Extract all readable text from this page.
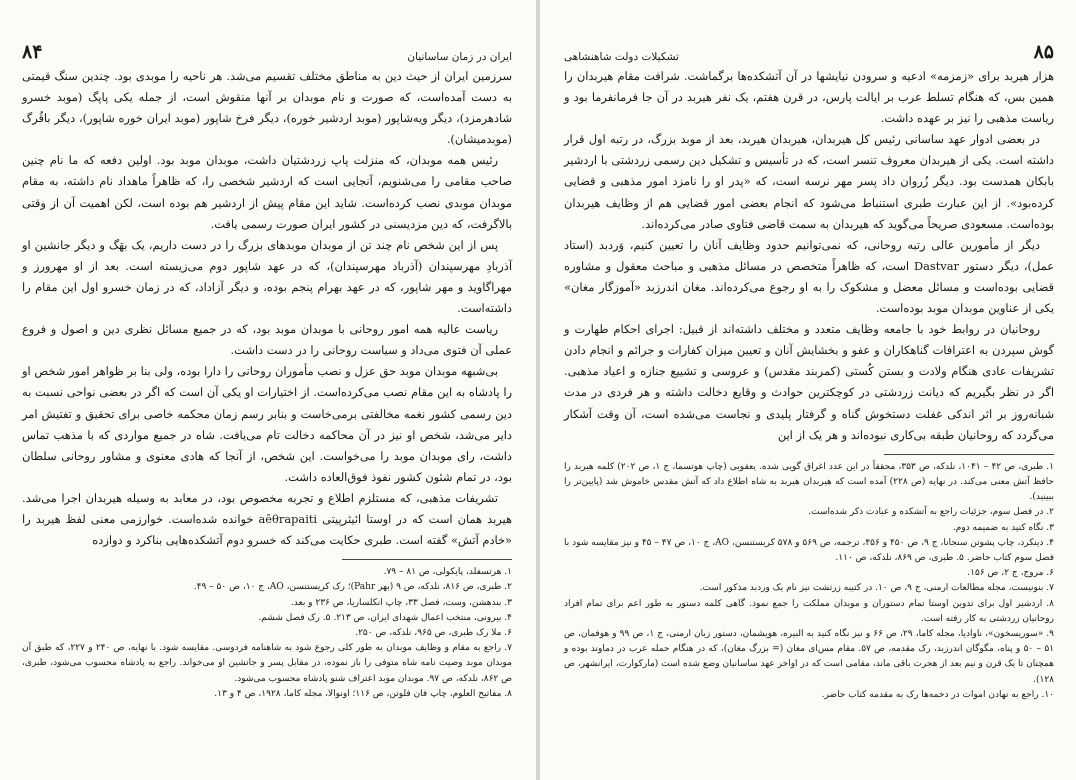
ایران در زمان ساسانیان
۸۴

سرزمین ایران از حیث دین به مناطق مختلف تقسیم می‌شد. هر ناحیه را موبدی بود. چندین سنگ قیمتی به دست آمده‌است، که صورت و نام موبدان بر آنها منقوش است، از جمله یکی پاپگ (موبد خسرو شادهرمزد)، دیگر ویه‌شاپور (موبد اردشیر خوره)، دیگر فرخ شاپور (موبد ایران خوره شاپور)، دیگر باقُرگ (موبدمیشان).

رئیس همه موبدان، که منزلت پاپ زردشتیان داشت، موبدان موبد بود. اولین دفعه که ما نام چنین صاحب مقامی را می‌شنویم، آنجایی است که اردشیر شخصی را، که ظاهراً ماهداد نام داشته، به مقام موبدان موبدی نصب کرده‌است. شاید این مقام پیش از اردشیر هم بوده است، لکن اهمیت آن از وقتی بالاگرفت، که دین مزدیسنی در کشور ایران صورت رسمی یافت.

پس از این شخص نام چند تن از موبدان موبدهای بزرگ را در دست داریم، یک بهَگ و دیگر جانشین او آذربادِ مهرسپندان (آذرباد مهرسپندان)، که در عهد شاپور دوم می‌زیسته است. بعد از او مهرورز و مهراگاوید و مهر شاپور، که در عهد بهرام پنجم بوده، و دیگر آزاداد، که در زمان خسرو اول این مقام را داشته‌است.

ریاست عالیه همه امور روحانی با موبدان موبد بود، که در جمیع مسائل نظری دین و اصول و فروع عملی آن فتوی می‌داد و سیاست روحانی را در دست داشت.

بی‌شبهه موبدان موبد حق عزل و نصب مأموران روحانی را دارا بوده، ولی بنا بر ظواهر امور شخص او را پادشاه به این مقام نصب می‌کرده‌است. از اختیارات او یکی آن است که اگر در بعضی نواحی نسبت به دین رسمی کشور نغمه مخالفتی برمی‌خاست و بنابر رسم زمان محکمه خاصی برای تحقیق و تفتیش امر دایر می‌شد، شخص او نیز در آن محاکمه دخالت تام می‌یافت. شاه در جمیع مواردی که با مذهب تماس داشت، رای موبدان موبد را می‌خواست. این شخص، از آنجا که هادی معنوی و مشاور روحانی سلطان بود، در تمام شئون کشور نفوذ فوق‌العاده داشت.

تشریفات مذهبی، که مستلزم اطلاع و تجربه مخصوص بود، در معابد به وسیله هیربدان اجرا می‌شد. هیربد همان است که در اوستا ائیثرپیتی aēθrapaiti خوانده شده‌است. خوارزمی معنی لفظ هیربد را «خادم آتش» گفته است. طبری حکایت می‌کند که خسرو دوم آتشکده‌هایی بناکرد و دوازده

۱. هرتسفلد، پایکولی، ص ۸۱ – ۷۹.
۲. طبری، ص ۸۱۶، نلدکه، ص ۹ (بهر Pahr)؛ رک کریستنسن، AO، ج ۱۰، ص ۵۰ – ۴۹.
۳. بندهشن، وست، فصل ۳۳، چاپ انکلساریا، ص ۲۳۶ و بعد.
۴. بیرونی، منتخب اعمال شهدای ایران، ص ۲۱۳. ۵. رک فصل ششم.
۶. ملا رک طبری، ص ۹۶۵، نلدکه، ص ۲۵۰.
۷. راجع به مقام و وظایف موبدان به طور کلی رجوع شود به شاهنامه فردوسی. مقایسه شود. با نهایه، ص ۲۴۰ و ۲۲۷، که طبق آن موبدان موبد وصیت نامه شاه متوفی را باز نموده، در مقابل پسر و جانشین او می‌خواند. راجع به پادشاه محسوب می‌شود، طبری، ص ۸۶۲، نلدکه، ص ۹۷. موبدان موبد اعتراف شنو پادشاه محسوب می‌شود.
۸. مفاتیح العلوم، چاپ فان فلوتن، ص ۱۱۶؛ اونوالا، مجله کاما، ۱۹۲۸، ص ۴ و ۱۳.
۸۵
تشکیلات دولت شاهنشاهی

هزار هیربد برای «زمزمه» ادعیه و سرودن نیایشها در آن آتشکده‌ها برگماشت. شرافت مقام هیربدان را همین بس، که هنگام تسلط عرب بر ایالت پارس، در قرن هفتم، یک نفر هیربد در آن جا فرمانفرما بود و ریاست مذهبی را نیز بر عهده داشت.

در بعضی ادوار عهد ساسانی رئیس کل هیربدان، هیربدان هیربد، بعد از موبد بزرگ، در رتبه اول قرار داشته است. یکی از هیربدان معروف تنسر است، که در تأسیس و تشکیل دین رسمی زردشتی با اردشیر بابکان همدست بود. دیگر زُروان داد پسر مهر نرسه است، که «پدر او را نامزد امور مذهبی و قضایی کرده‌بود». از این عبارت طبری استنباط می‌شود که انجام بعضی امور قضایی هم از وظایف هیربدان بوده‌است. مسعودی صریحاً می‌گوید که هیربدان به سمت قاضی فتاوی صادر می‌کرده‌اند.

دیگر از مأمورین عالی رتبه روحانی، که نمی‌توانیم حدود وظایف آنان را تعیین کنیم، وَردبد (استاد عمل)، دیگر دستور Dastvar است، که ظاهراً متخصص در مسائل مذهبی و مباحث معقول و مشاوره قضایی بوده‌است و مسائل معضل و مشکوک را به او رجوع می‌کرده‌اند. مغان اندرزبد «آموزگار مغان» یکی از عناوین موبدان موبد بوده‌است.

روحانیان در روابط خود با جامعه وظایف متعدد و مختلف داشته‌اند از قبیل: اجرای احکام طهارت و گوش سپردن به اعترافات گناهکاران و عفو و بخشایش آنان و تعیین میزان کفارات و جرائم و انجام دادن تشریفات عادی هنگام ولادت و بستن کُستی (کمربند مقدس) و عروسی و تشییع جنازه و اعیاد مذهبی. اگر در نظر بگیریم که دیانت زردشتی در کوچکترین حوادث و وقایع دخالت داشته و هر فردی در مدت شبانه‌روز بر اثر اندکی غفلت دستخوش گناه و گرفتار پلیدی و نجاست می‌شده است، آن وقت آشکار می‌گردد که روحانیان طبقه بی‌کاری نبوده‌اند و هر یک از این

۱. طبری، ص ۴۲ – ۱۰۴۱، نلدکه، ص ۳۵۳، محققاً در این عدد اغراق گویی شده. یعقوبی (چاپ هوتسما، ج ۱، ص ۲۰۲) کلمه هیربد را حافظ آتش معنی می‌کند. در نهایه (ص ۲۲۸) آمده است که هیربدان هیربد به شاه اطلاع داد که آتش مقدس خاموش شد (پایین‌تر را ببینید).
۲. در فصل سوم، جزئیات راجع به آتشکده و عبادت ذکر شده‌است.
۳. نگاه کنید به ضمیمه دوم.
۴. دینکرد، چاپ پشوتن سنجانا، ج ۹، ص ۴۵۰ و ۴۵۶، ترجمه، ص ۵۶۹ و ۵۷۸ کریستنسن، AO، ج ۱۰، ص ۴۷ – ۴۵ و نیز مقایسه شود با فصل سوم کتاب حاضر. ۵. طبری، ص ۸۶۹، نلدکه، ص ۱۱۰.
۶. مروج، ج ۲، ص ۱۵۶.
۷. بنونیست، مجله مطالعات ارمنی، ج ۹، ص ۱۰. در کتیبه زرتشت نیز نام یک وردبد مذکور است.
۸. اردشیر اول برای تدوین اوستا تمام دستوران و موبدان مملکت را جمع نمود. گاهی کلمه دستور به طور اعم برای تمام افراد روحانیان زردشتی به کار رفته است.
۹. «سوریسخون»، ناوادیا، مجله کاما، ۲۹، ص ۶۶ و نیز نگاه کنید به البیره، هویشمان، دستور زبان ارمنی، ج ۱، ص ۹۹ و هوفمان، ص ۵۱ – ۵۰ و پناه، مگوگان اندرزبد، رک مقدمه، ص ۵۷. مقام مس‌ای مغان (= بزرگ مغان)، که در هنگام حمله عرب در دماوند بوده و همچنان تا یک قرن و نیم بعد از هجرت باقی ماند، مقامی است که در اواخر عهد ساسانیان وضع شده است (مارکوارت، ایرانشهر، ص ۱۲۸).
۱۰. راجع به نهادن اموات در دخمه‌ها رک به مقدمه کتاب حاضر.
